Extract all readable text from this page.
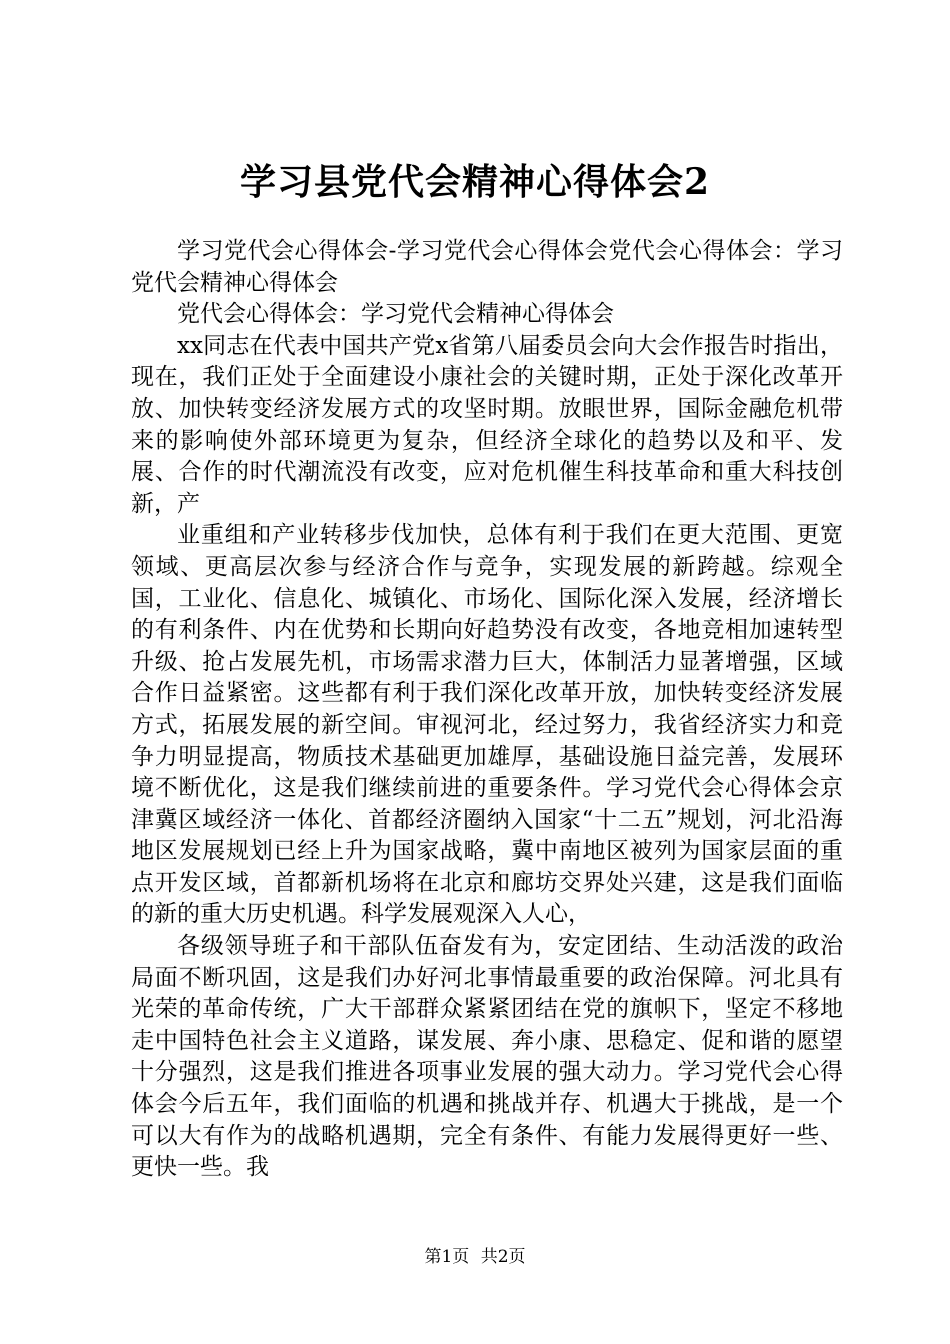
学习县党代会精神心得体会2

学习党代会心得体会-学习党代会心得体会党代会心得体会：学习党代会精神心得体会

党代会心得体会：学习党代会精神心得体会

xx同志在代表中国共产党x省第八届委员会向大会作报告时指出，现在，我们正处于全面建设小康社会的关键时期，正处于深化改革开放、加快转变经济发展方式的攻坚时期。放眼世界，国际金融危机带来的影响使外部环境更为复杂，但经济全球化的趋势以及和平、发展、合作的时代潮流没有改变，应对危机催生科技革命和重大科技创新，产

业重组和产业转移步伐加快，总体有利于我们在更大范围、更宽领域、更高层次参与经济合作与竞争，实现发展的新跨越。综观全国，工业化、信息化、城镇化、市场化、国际化深入发展，经济增长的有利条件、内在优势和长期向好趋势没有改变，各地竞相加速转型升级、抢占发展先机，市场需求潜力巨大，体制活力显著增强，区域合作日益紧密。这些都有利于我们深化改革开放，加快转变经济发展方式，拓展发展的新空间。审视河北，经过努力，我省经济实力和竞争力明显提高，物质技术基础更加雄厚，基础设施日益完善，发展环境不断优化，这是我们继续前进的重要条件。学习党代会心得体会京津冀区域经济一体化、首都经济圈纳入国家“十二五”规划，河北沿海地区发展规划已经上升为国家战略，冀中南地区被列为国家层面的重点开发区域，首都新机场将在北京和廊坊交界处兴建，这是我们面临的新的重大历史机遇。科学发展观深入人心，

各级领导班子和干部队伍奋发有为，安定团结、生动活泼的政治局面不断巩固，这是我们办好河北事情最重要的政治保障。河北具有光荣的革命传统，广大干部群众紧紧团结在党的旗帜下，坚定不移地走中国特色社会主义道路，谋发展、奔小康、思稳定、促和谐的愿望十分强烈，这是我们推进各项事业发展的强大动力。学习党代会心得体会今后五年，我们面临的机遇和挑战并存、机遇大于挑战，是一个可以大有作为的战略机遇期，完全有条件、有能力发展得更好一些、更快一些。我

第1页 共2页
